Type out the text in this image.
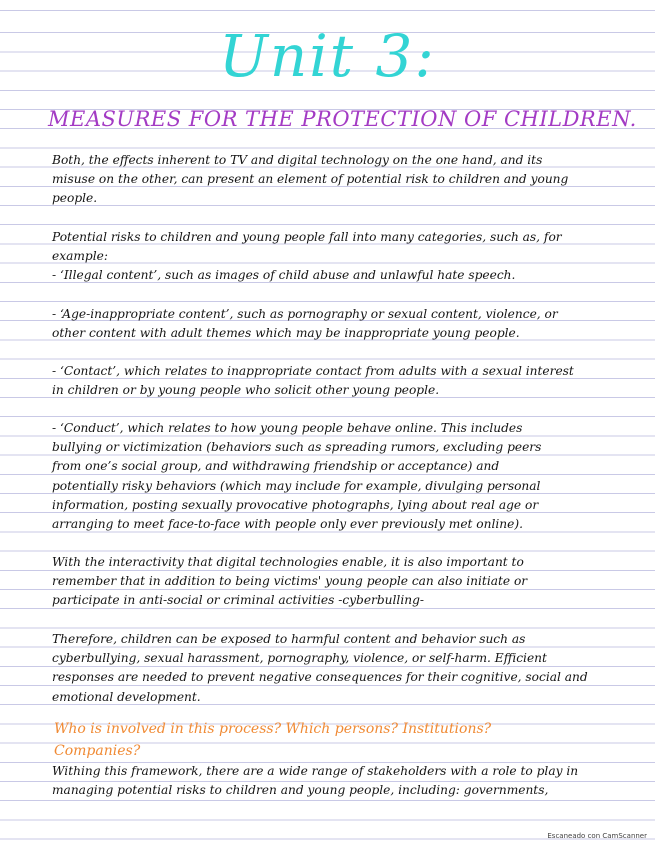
Unit 3:
MEASURES FOR THE PROTECTION OF CHILDREN.
Both, the effects inherent to TV and digital technology on the one hand, and its
misuse on the other, can present an element of potential risk to children and young
people.
Potential risks to children and young people fall into many categories, such as, for
example:
- ‘Illegal content’, such as images of child abuse and unlawful hate speech.
- ‘Age-inappropriate content’, such as pornography or sexual content, violence, or
other content with adult themes which may be inappropriate young people.
- ‘Contact’, which relates to inappropriate contact from adults with a sexual interest
in children or by young people who solicit other young people.
- ‘Conduct’, which relates to how young people behave online. This includes
bullying or victimization (behaviors such as spreading rumors, excluding peers
from one’s social group, and withdrawing friendship or acceptance) and
potentially risky behaviors (which may include for example, divulging personal
information, posting sexually provocative photographs, lying about real age or
arranging to meet face-to-face with people only ever previously met online).
With the interactivity that digital technologies enable, it is also important to
remember that in addition to being victims' young people can also initiate or
participate in anti-social or criminal activities -cyberbulling-
Therefore, children can be exposed to harmful content and behavior such as
cyberbullying, sexual harassment, pornography, violence, or self-harm. Efficient
responses are needed to prevent negative consequences for their cognitive, social and
emotional development.
Who is involved in this process? Which persons? Institutions?
Companies?
Withing this framework, there are a wide range of stakeholders with a role to play in
managing potential risks to children and young people, including: governments,
Escaneado con CamScanner
